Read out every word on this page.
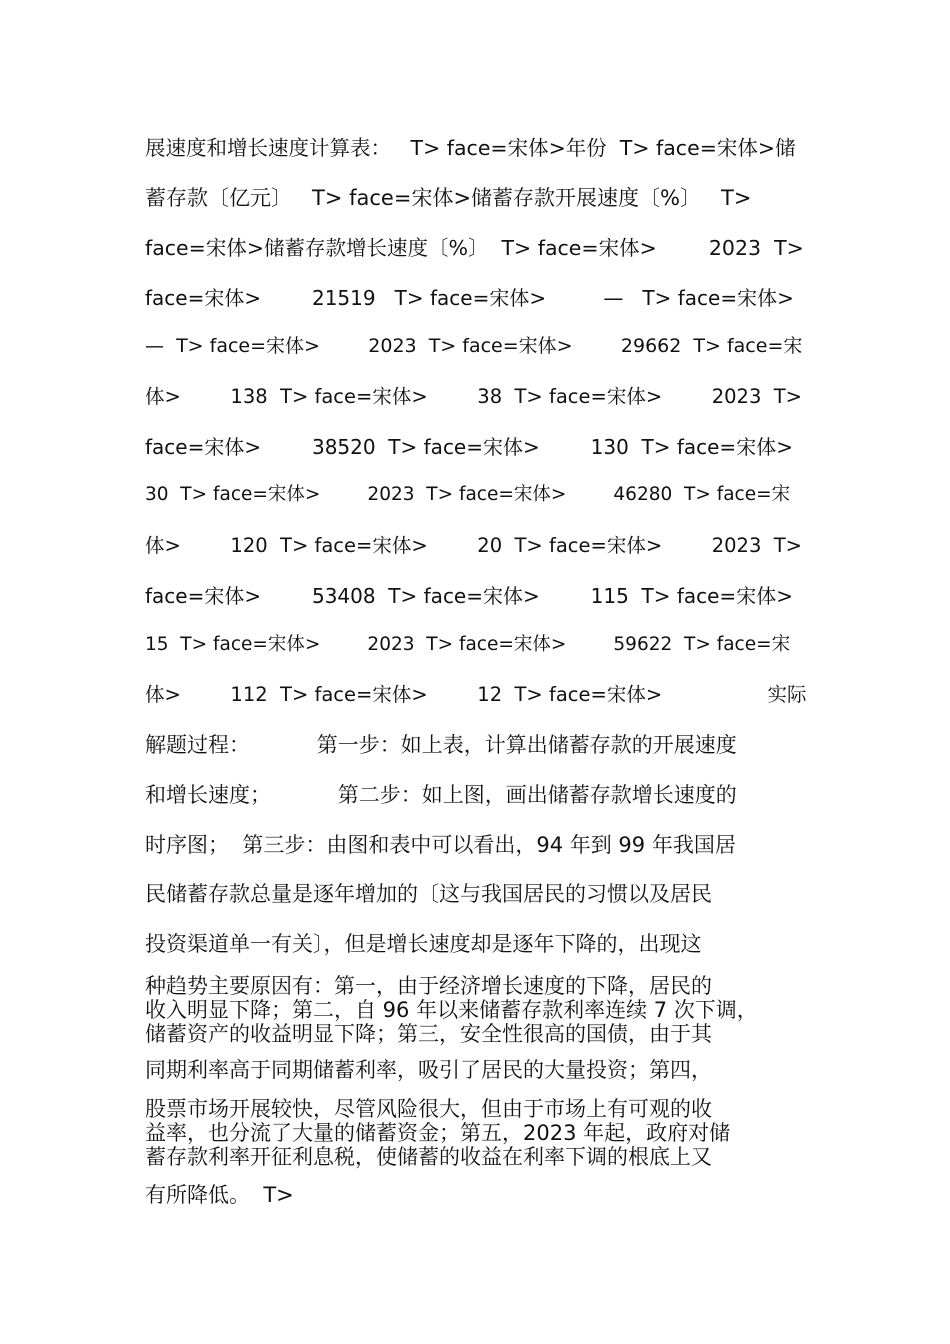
展速度和增长速度计算表：   T> face=宋体>年份  T> face=宋体>储
蓄存款〔亿元〕   T> face=宋体>储蓄存款开展速度〔%〕   T>
face=宋体>储蓄存款增长速度〔%〕  T> face=宋体>        2023  T>
face=宋体>        21519   T> face=宋体>         —   T> face=宋体>
—  T> face=宋体>        2023  T> face=宋体>        29662  T> face=宋
体>        138  T> face=宋体>        38  T> face=宋体>        2023  T>
face=宋体>        38520  T> face=宋体>        130  T> face=宋体>
30  T> face=宋体>        2023  T> face=宋体>        46280  T> face=宋
体>        120  T> face=宋体>        20  T> face=宋体>        2023  T>
face=宋体>        53408  T> face=宋体>        115  T> face=宋体>
15  T> face=宋体>        2023  T> face=宋体>        59622  T> face=宋
体>        112  T> face=宋体>        12  T> face=宋体>                 实际
解题过程：          第一步：如上表，计算出储蓄存款的开展速度
和增长速度；          第二步：如上图，画出储蓄存款增长速度的
时序图；  第三步：由图和表中可以看出，94 年到 99 年我国居
民储蓄存款总量是逐年增加的〔这与我国居民的习惯以及居民
投资渠道单一有关〕，但是增长速度却是逐年下降的，出现这
种趋势主要原因有：第一，由于经济增长速度的下降，居民的
收入明显下降；第二，自 96 年以来储蓄存款利率连续 7 次下调，
储蓄资产的收益明显下降；第三，安全性很高的国债，由于其
同期利率高于同期储蓄利率，吸引了居民的大量投资；第四，
股票市场开展较快，尽管风险很大，但由于市场上有可观的收
益率，也分流了大量的储蓄资金；第五，2023 年起，政府对储
蓄存款利率开征利息税，使储蓄的收益在利率下调的根底上又
有所降低。  T>
